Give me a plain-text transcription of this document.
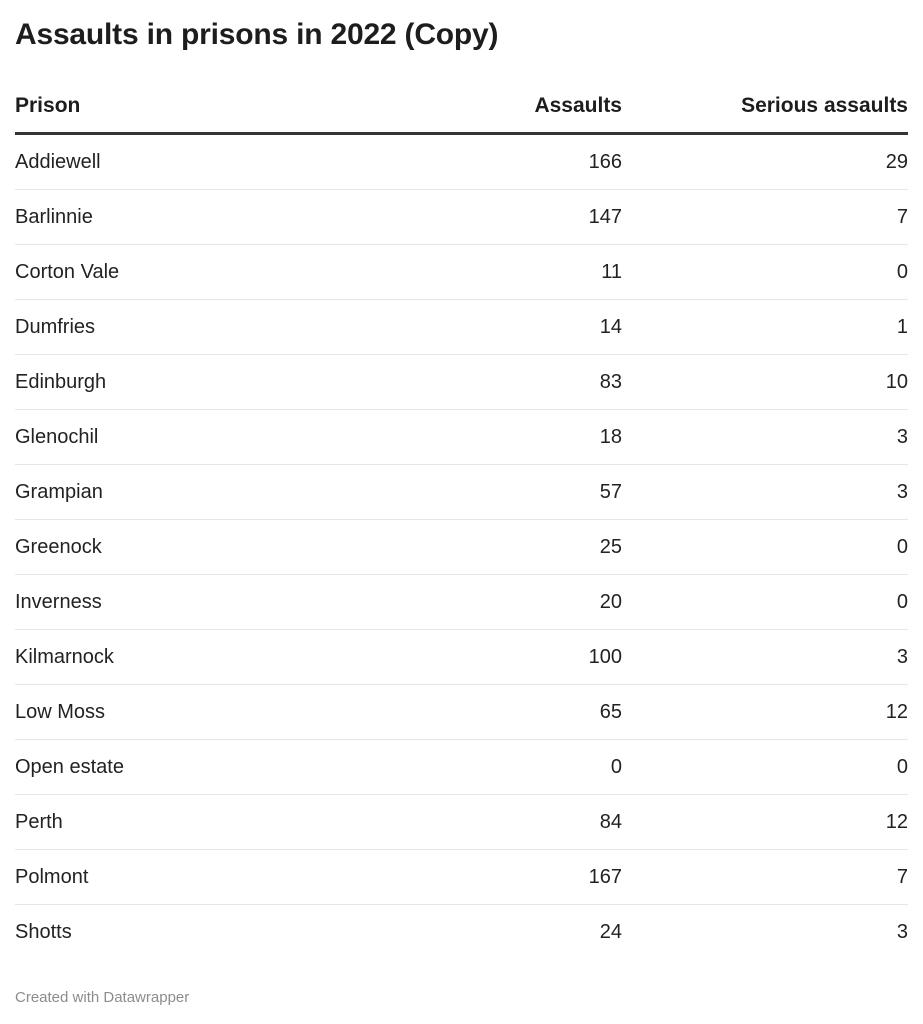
Assaults in prisons in 2022 (Copy)
Prison	Assaults	Serious assaults
Addiewell	166	29
Barlinnie	147	7
Corton Vale	11	0
Dumfries	14	1
Edinburgh	83	10
Glenochil	18	3
Grampian	57	3
Greenock	25	0
Inverness	20	0
Kilmarnock	100	3
Low Moss	65	12
Open estate	0	0
Perth	84	12
Polmont	167	7
Shotts	24	3
Created with Datawrapper
